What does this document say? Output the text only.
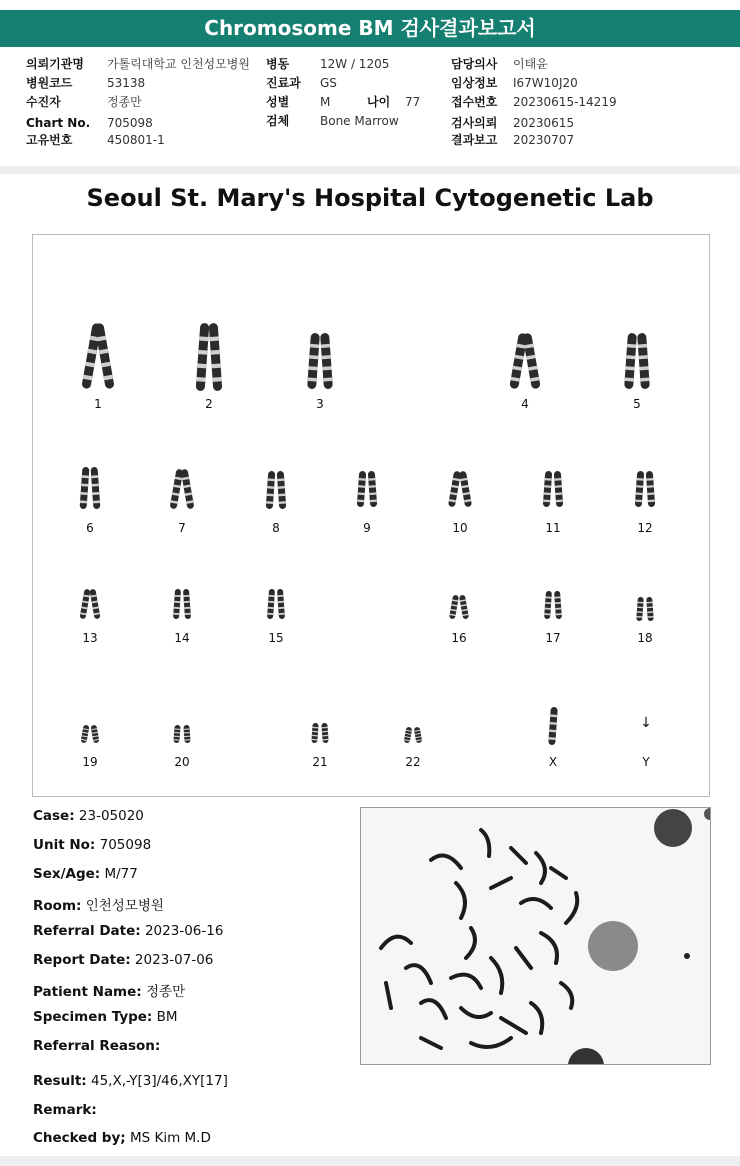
Chromosome BM 검사결과보고서
의뢰기관명 가톨릭대학교 인천성모병원
병원코드	53138
수진자	정종만
Chart No. 705098
고유번호	450801-1
병동	12W / 1205
진료과 GS
성별	M	나이 77
검체	Bone Marrow
담당의사 이태윤
임상정보 I67W10J20
접수번호 20230615-14219
검사의뢰 20230615
결과보고 20230707
Seoul St. Mary's Hospital Cytogenetic Lab
1	2	3	4	5
6	7	8	9	10	11	12
13	14	15	16	17	18
19	20	21	22	X
↓
Y
Case: 23-05020
Unit No: 705098
Sex/Age: M/77
Room: 인천성모병원
Referral Date: 2023-06-16
Report Date: 2023-07-06
Patient Name: 정종만
Specimen Type: BM
Referral Reason:
Result: 45,X,-Y[3]/46,XY[17]
Remark:
Checked by; MS Kim M.D
